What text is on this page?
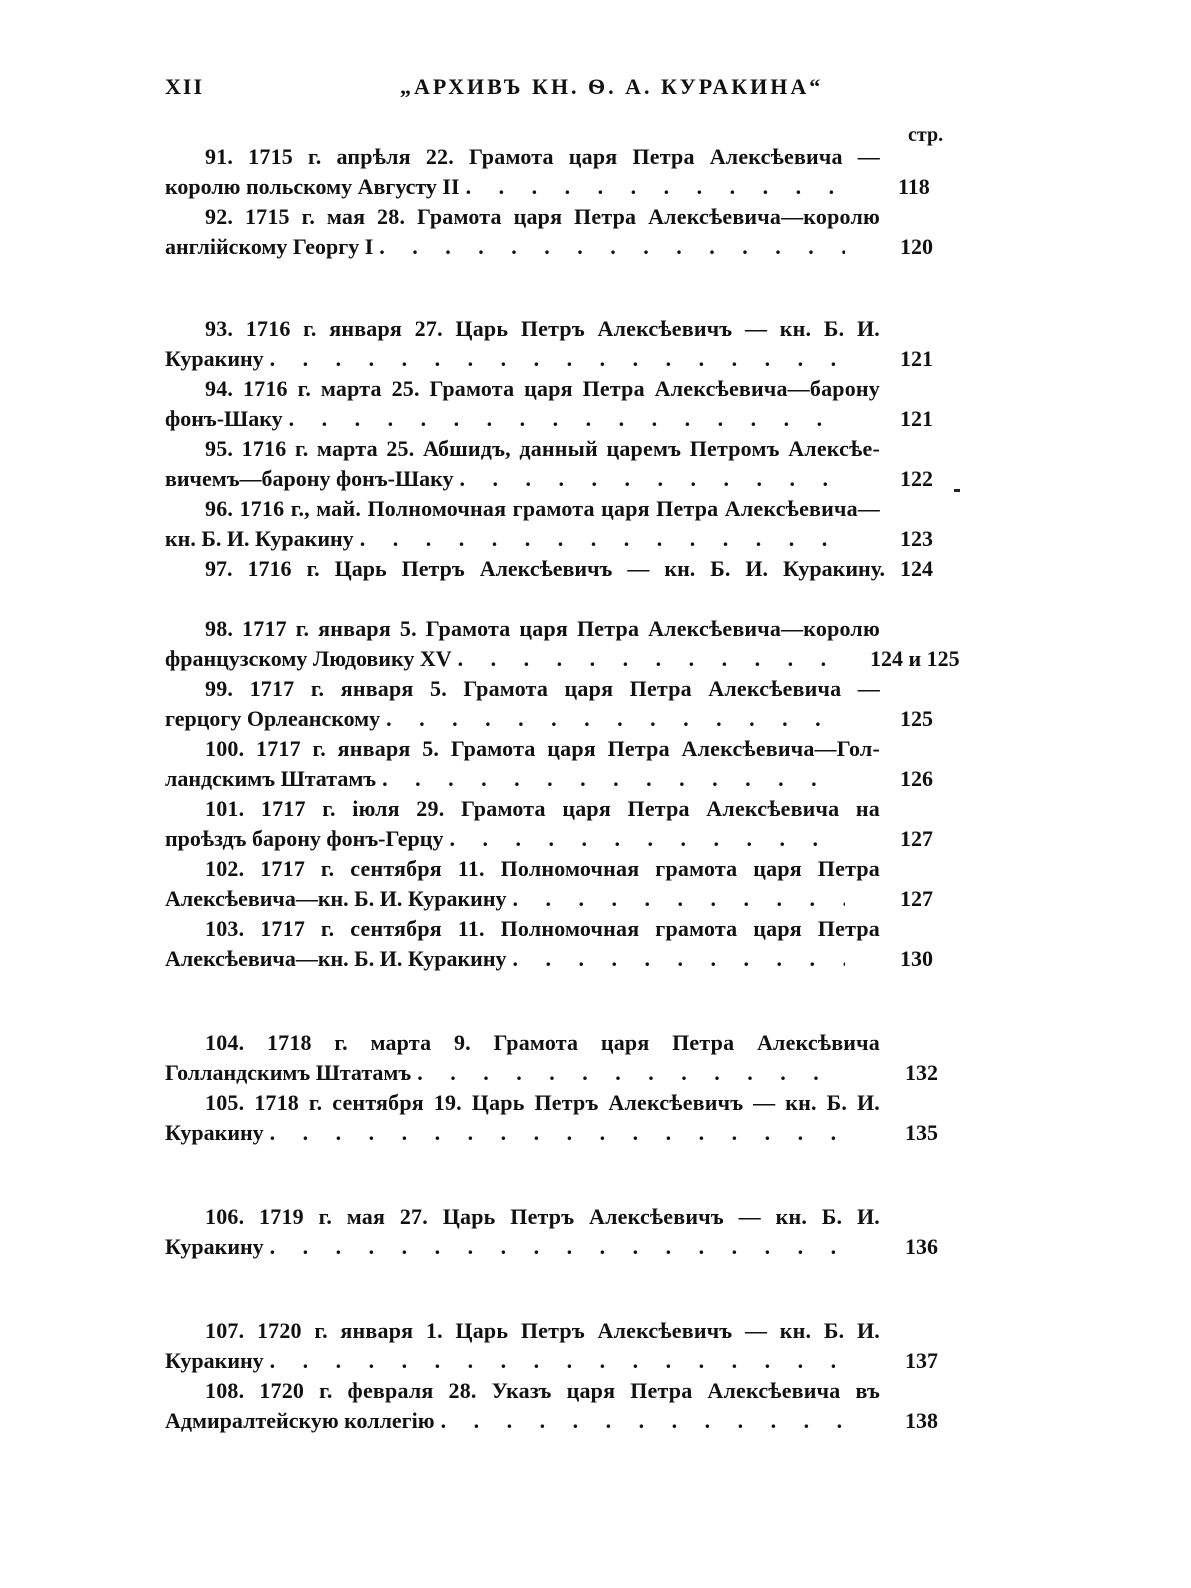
XII	„АРХИВЪ КН. Ѳ. А. КУРАКИНА“
стр.
91. 1715 г. апрѣля 22. Грамота царя Петра Алексѣевича —
королю польскому Августу II . . .	118
92. 1715 г. мая 28. Грамота царя Петра Алексѣевича—королю
англійскому Георгу I . . .	120
93. 1716 г. января 27. Царь Петръ Алексѣевичъ — кн. Б. И.
Куракину . . .	121
94. 1716 г. марта 25. Грамота царя Петра Алексѣевича—барону
фонъ-Шаку . . .	121
95. 1716 г. марта 25. Абшидъ, данный царемъ Петромъ Алексѣе-
вичемъ—барону фонъ-Шаку . . .	122
96. 1716 г., май. Полномочная грамота царя Петра Алексѣевича—
кн. Б. И. Куракину . . .	123
97. 1716 г. Царь Петръ Алексѣевичъ — кн. Б. И. Куракину. 124
98. 1717 г. января 5. Грамота царя Петра Алексѣевича—королю
французскому Людовику XV . . .	124 и 125
99. 1717 г. января 5. Грамота царя Петра Алексѣевича —
герцогу Орлеанскому . . .	125
100. 1717 г. января 5. Грамота царя Петра Алексѣевича—Гол-
ландскимъ Штатамъ . . .	126
101. 1717 г. іюля 29. Грамота царя Петра Алексѣевича на
проѣздъ барону фонъ-Герцу . . .	127
102. 1717 г. сентября 11. Полномочная грамота царя Петра
Алексѣевича—кн. Б. И. Куракину . . .	127
103. 1717 г. сентября 11. Полномочная грамота царя Петра
Алексѣевича—кн. Б. И. Куракину . . .	130
104. 1718 г. марта 9. Грамота царя Петра Алексѣвича
Голландскимъ Штатамъ . . .	132
105. 1718 г. сентября 19. Царь Петръ Алексѣевичъ — кн. Б. И.
Куракину . . .	135
106. 1719 г. мая 27. Царь Петръ Алексѣевичъ — кн. Б. И.
Куракину . . .	136
107. 1720 г. января 1. Царь Петръ Алексѣевичъ — кн. Б. И.
Куракину . . .	137
108. 1720 г. февраля 28. Указъ царя Петра Алексѣевича въ
Адмиралтейскую коллегію . . .	138
